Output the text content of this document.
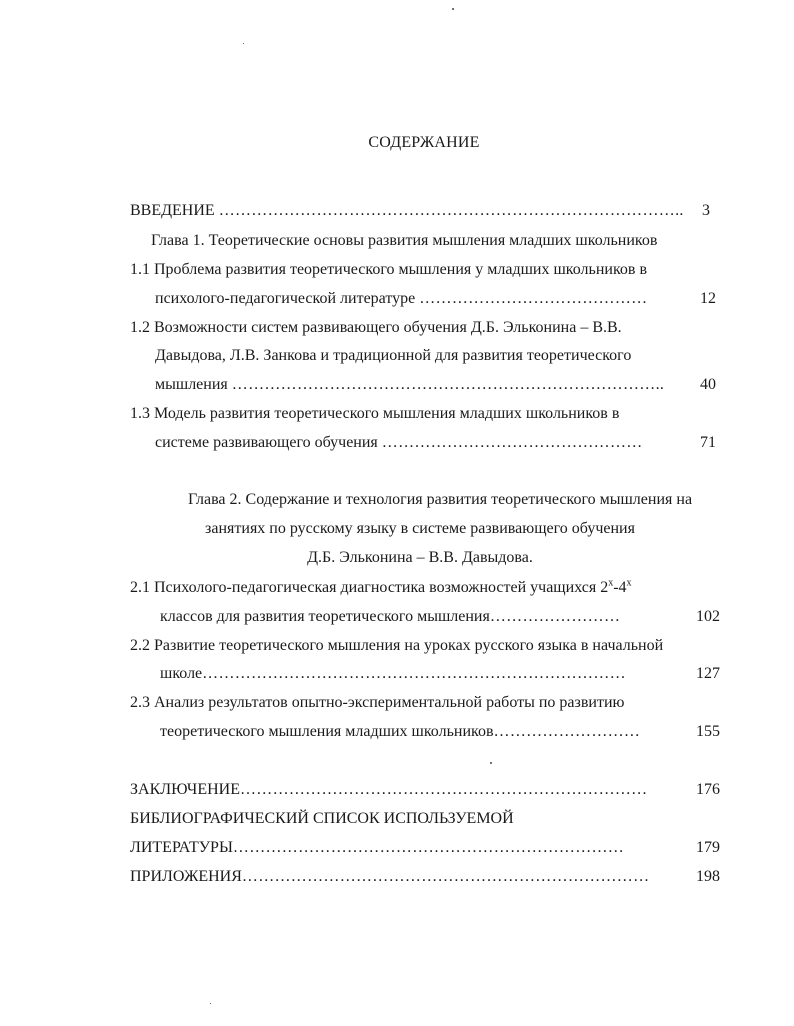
СОДЕРЖАНИЕ
ВВЕДЕНИЕ …………………………………………………………………………..	3
Глава 1. Теоретические основы развития мышления младших школьников
1.1 Проблема развития теоретического мышления у младших школьников в
психолого-педагогической литературе ……………………………………	12
1.2 Возможности систем развивающего обучения Д.Б. Эльконина – В.В.
Давыдова, Л.В. Занкова и традиционной для развития теоретического
мышления ……………………………………………………………………..	40
1.3 Модель развития теоретического мышления младших школьников в
системе развивающего обучения …………………………………………	71
Глава 2. Содержание и технология развития теоретического мышления на
занятиях по русскому языку в системе развивающего обучения
Д.Б. Эльконина – В.В. Давыдова.
2.1 Психолого-педагогическая диагностика возможностей учащихся $2^х-4^х$
классов для развития теоретического мышления……………………	102
2.2 Развитие теоретического мышления на уроках русского языка в начальной
школе……………………………………………………………………	127
2.3 Анализ результатов опытно-экспериментальной работы по развитию
теоретического мышления младших школьников………………………	155
ЗАКЛЮЧЕНИЕ…………………………………………………………………	176
БИБЛИОГРАФИЧЕСКИЙ СПИСОК ИСПОЛЬЗУЕМОЙ
ЛИТЕРАТУРЫ………………………………………………………………	179
ПРИЛОЖЕНИЯ…………………………………………………………………	198
